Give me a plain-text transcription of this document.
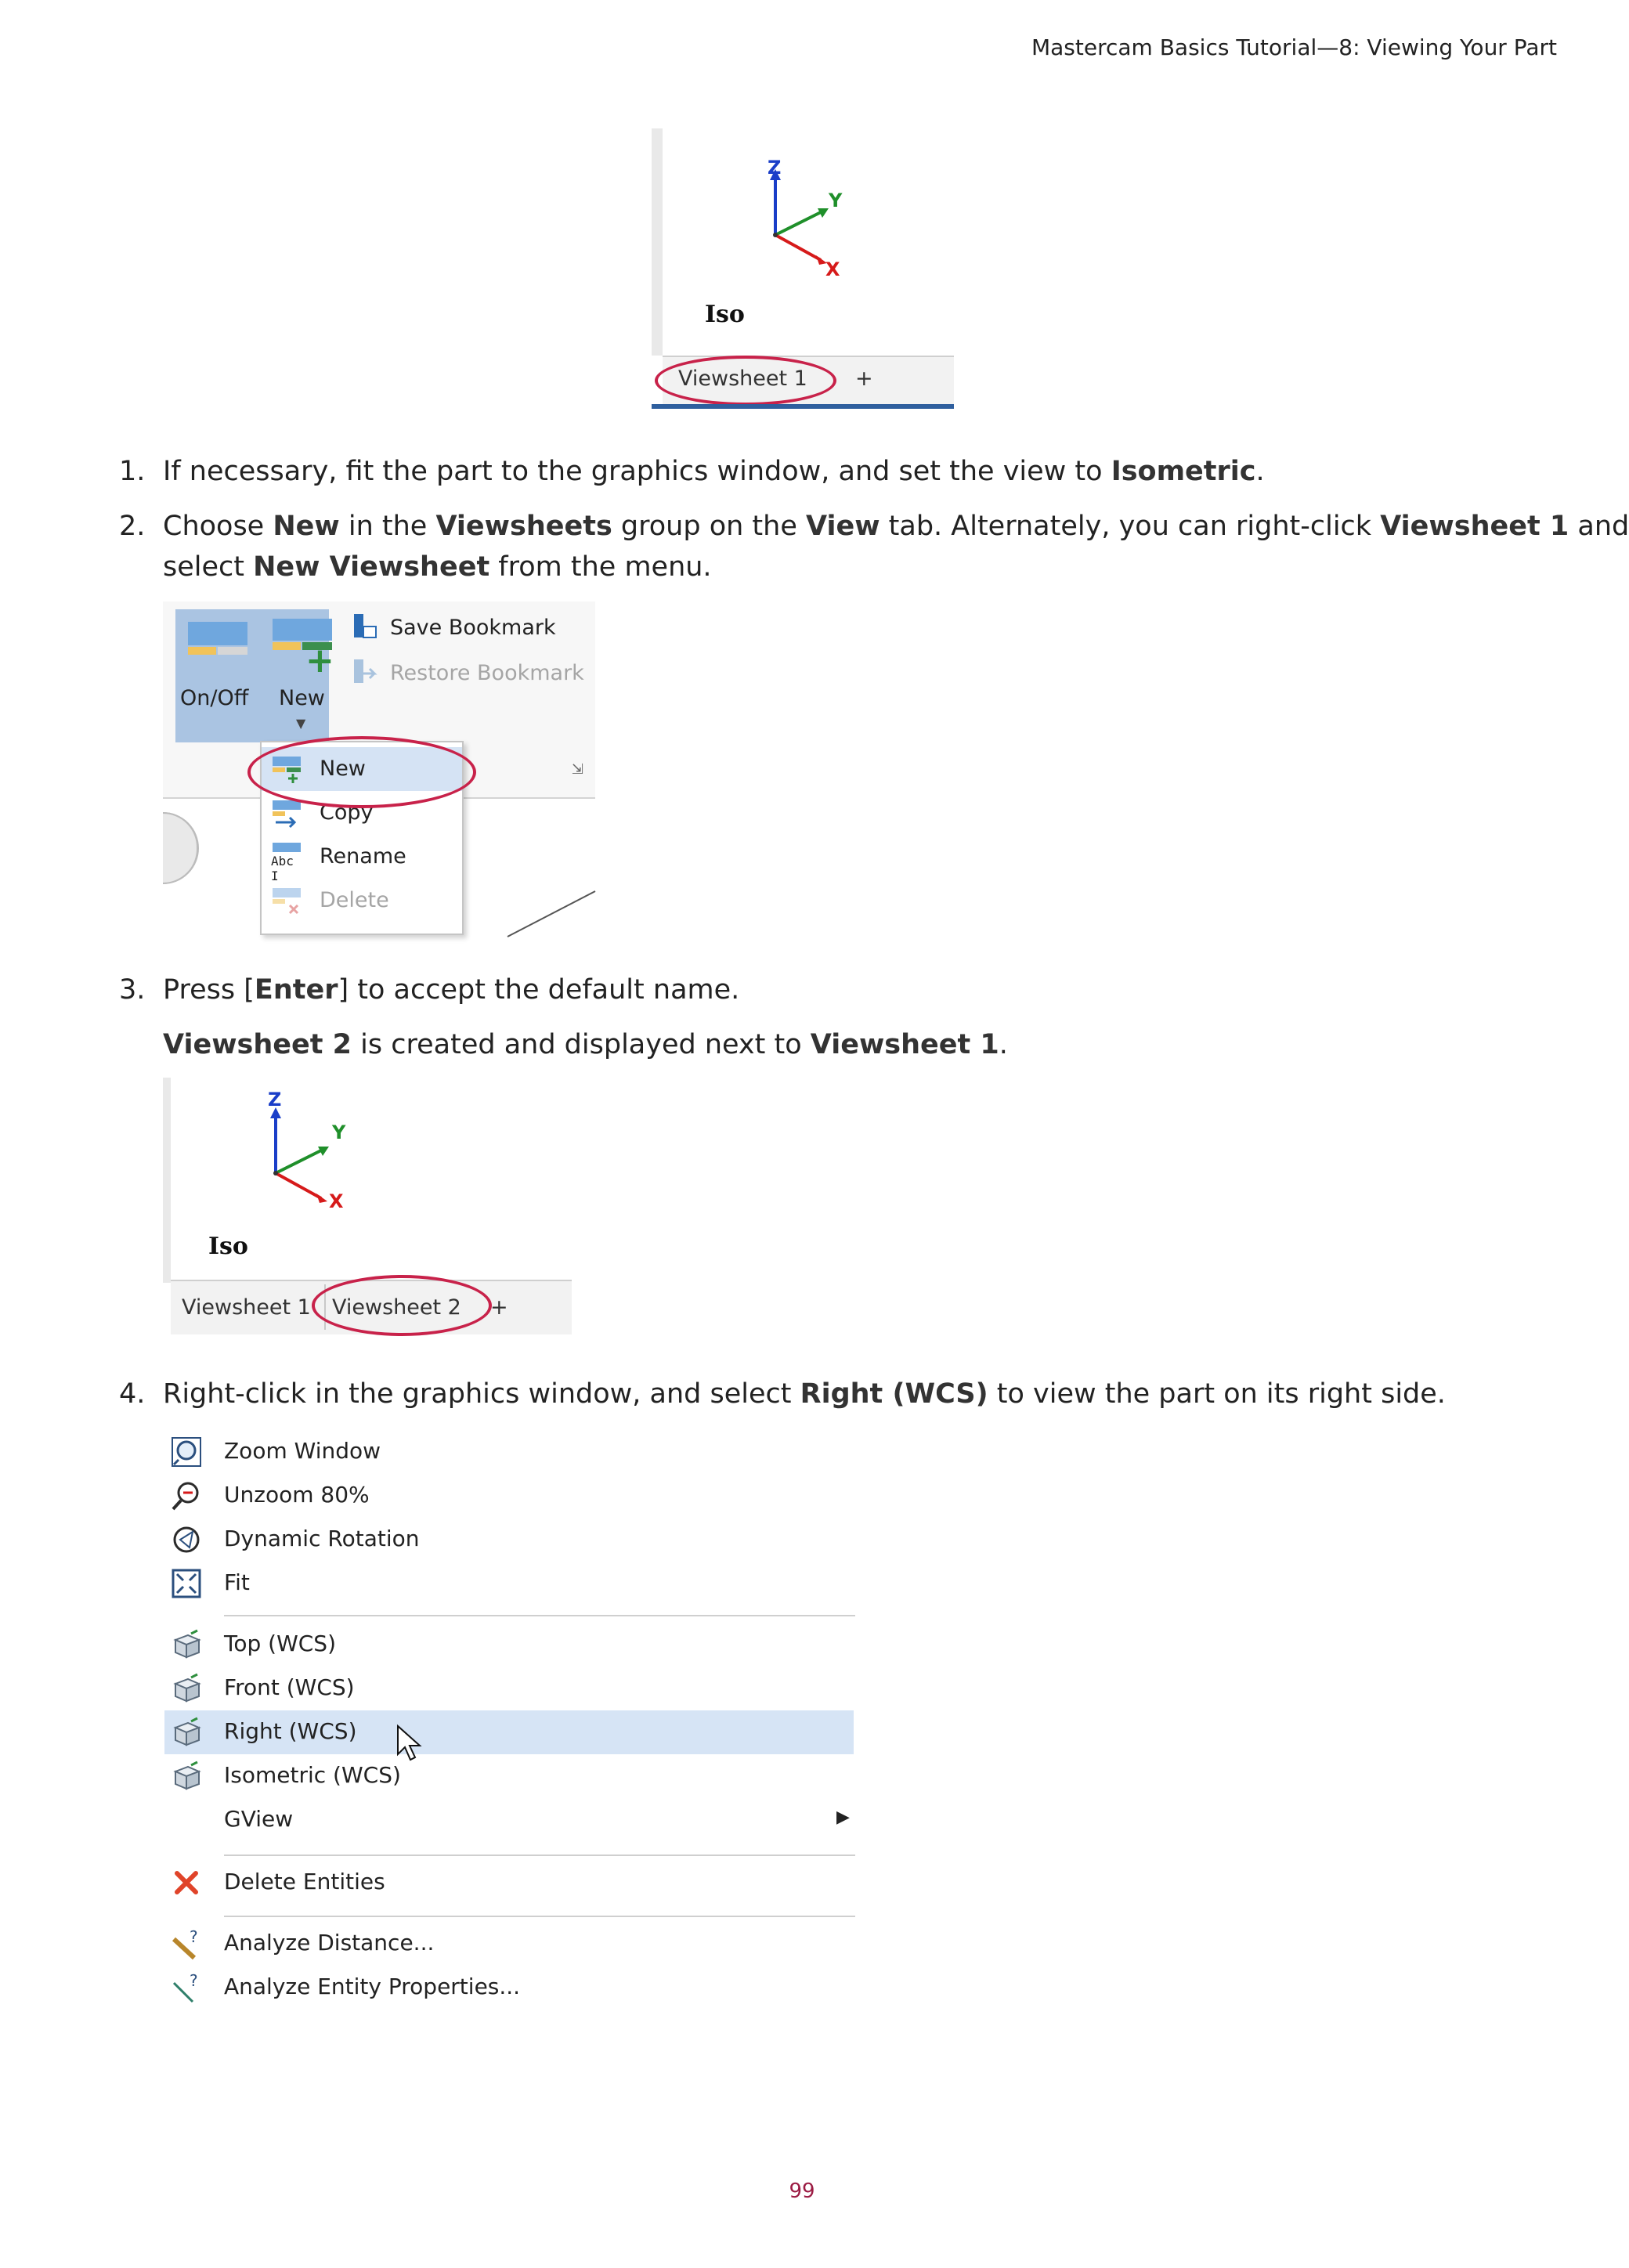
Mastercam Basics Tutorial—8: Viewing Your Part
Z
Y
X
Iso
Viewsheet 1 +
1. If necessary, fit the part to the graphics window, and set the view to Isometric.
2. Choose New in the Viewsheets group on the View tab. Alternately, you can right-click Viewsheet 1 and
select New Viewsheet from the menu.
On/Off
+
New
▼
Save Bookmark
Restore Bookmark
⇲
New
Copy
Abc I
Rename
Delete
3. Press [Enter] to accept the default name.
Viewsheet 2 is created and displayed next to Viewsheet 1.
Z
Y
X
Iso
Viewsheet 1 Viewsheet 2 +
4. Right-click in the graphics window, and select Right (WCS) to view the part on its right side.
Zoom Window
Unzoom 80%
Dynamic Rotation
Fit
Top (WCS)
Front (WCS)
Right (WCS)
Isometric (WCS)
GView	▶
Delete Entities
? Analyze Distance...
? Analyze Entity Properties...
99
